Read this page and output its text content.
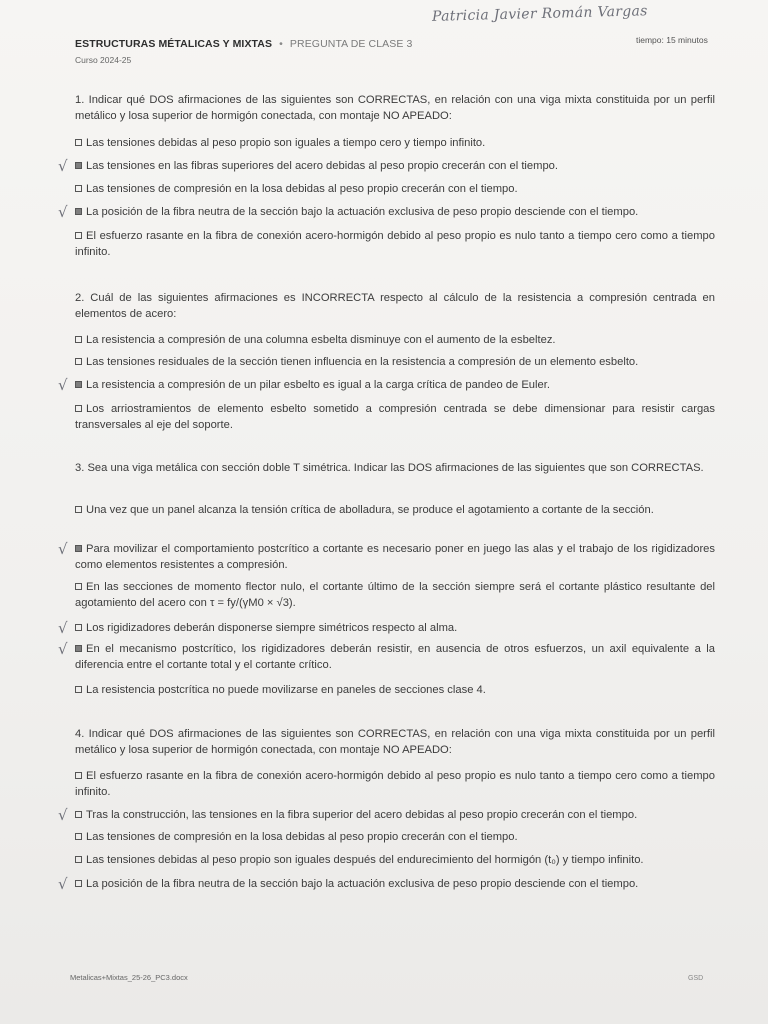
Patricia Javier Román Vargas
ESTRUCTURAS MÉTALICAS Y MIXTAS • PREGUNTA DE CLASE 3	tiempo: 15 minutos
Curso 2024-25
1. Indicar qué DOS afirmaciones de las siguientes son CORRECTAS, en relación con una viga mixta constituida por un perfil metálico y losa superior de hormigón conectada, con montaje NO APEADO:
Las tensiones debidas al peso propio son iguales a tiempo cero y tiempo infinito.
Las tensiones en las fibras superiores del acero debidas al peso propio crecerán con el tiempo.
√
Las tensiones de compresión en la losa debidas al peso propio crecerán con el tiempo.
La posición de la fibra neutra de la sección bajo la actuación exclusiva de peso propio desciende con el tiempo.
√
El esfuerzo rasante en la fibra de conexión acero-hormigón debido al peso propio es nulo tanto a tiempo cero como a tiempo infinito.
2. Cuál de las siguientes afirmaciones es INCORRECTA respecto al cálculo de la resistencia a compresión centrada en elementos de acero:
La resistencia a compresión de una columna esbelta disminuye con el aumento de la esbeltez.
Las tensiones residuales de la sección tienen influencia en la resistencia a compresión de un elemento esbelto.
La resistencia a compresión de un pilar esbelto es igual a la carga crítica de pandeo de Euler.
√
Los arriostramientos de elemento esbelto sometido a compresión centrada se debe dimensionar para resistir cargas transversales al eje del soporte.
3. Sea una viga metálica con sección doble T simétrica. Indicar las DOS afirmaciones de las siguientes que son CORRECTAS.
Una vez que un panel alcanza la tensión crítica de abolladura, se produce el agotamiento a cortante de la sección.
Para movilizar el comportamiento postcrítico a cortante es necesario poner en juego las alas y el trabajo de los rigidizadores como elementos resistentes a compresión.
√
En las secciones de momento flector nulo, el cortante último de la sección siempre será el cortante plástico resultante del agotamiento del acero con τ = fy/(γM0 × √3).
Los rigidizadores deberán disponerse siempre simétricos respecto al alma.
√
En el mecanismo postcrítico, los rigidizadores deberán resistir, en ausencia de otros esfuerzos, un axil equivalente a la diferencia entre el cortante total y el cortante crítico.
√
La resistencia postcrítica no puede movilizarse en paneles de secciones clase 4.
4. Indicar qué DOS afirmaciones de las siguientes son CORRECTAS, en relación con una viga mixta constituida por un perfil metálico y losa superior de hormigón conectada, con montaje NO APEADO:
El esfuerzo rasante en la fibra de conexión acero-hormigón debido al peso propio es nulo tanto a tiempo cero como a tiempo infinito.
Tras la construcción, las tensiones en la fibra superior del acero debidas al peso propio crecerán con el tiempo.
√
Las tensiones de compresión en la losa debidas al peso propio crecerán con el tiempo.
Las tensiones debidas al peso propio son iguales después del endurecimiento del hormigón (t₀) y tiempo infinito.
La posición de la fibra neutra de la sección bajo la actuación exclusiva de peso propio desciende con el tiempo.
√
Metalicas+Mixtas_25-26_PC3.docx	GSD
